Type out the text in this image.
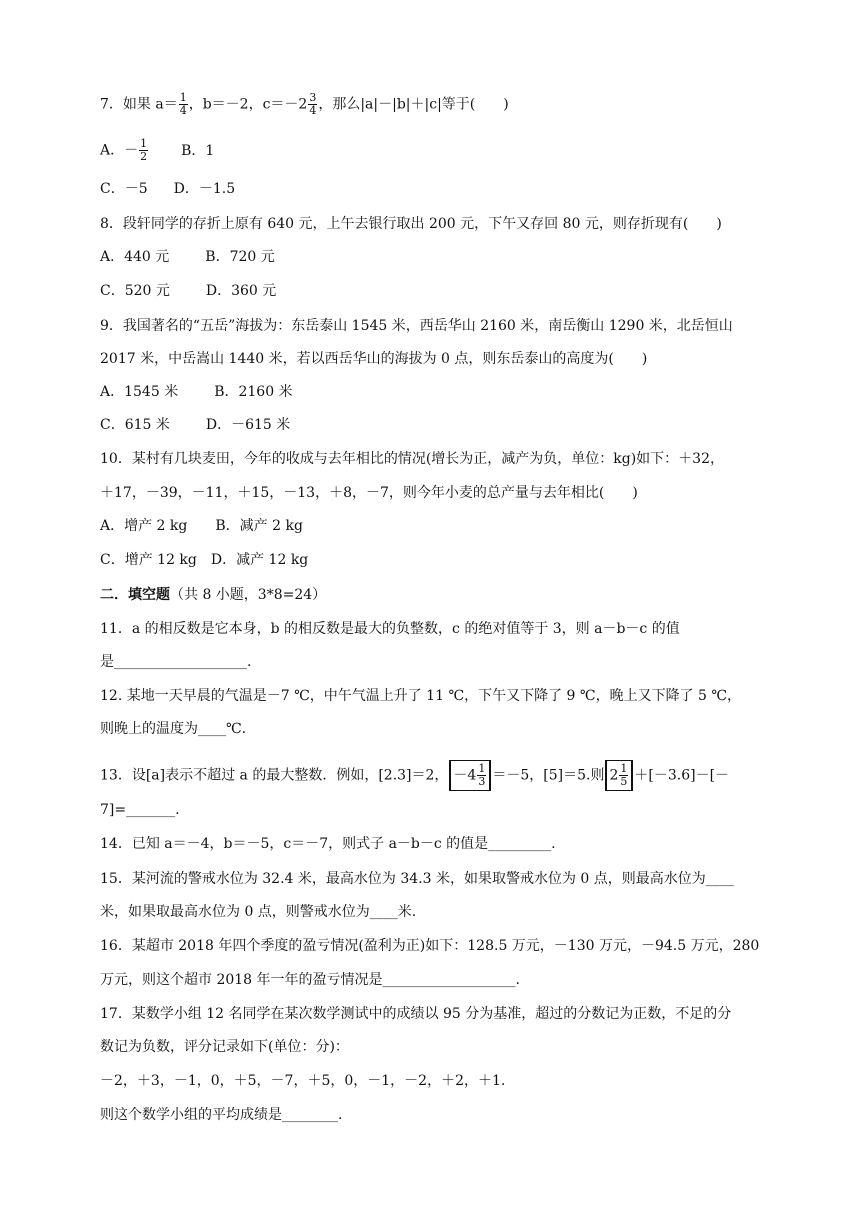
7．如果 $a= \frac{1}{4}$ ，b＝－2，$c=-2 \frac{3}{4}$ ，那么|a|－|b|＋|c|等于(　　)
A．－ $\frac{1}{2}$ B．1
C．－5 D．－1.5
8．段轩同学的存折上原有 640 元，上午去银行取出 200 元，下午又存回 80 元，则存折现有(　　)
A．440 元	B．720 元
C．520 元	D．360 元
9．我国著名的“五岳”海拔为：东岳泰山 1545 米，西岳华山 2160 米，南岳衡山 1290 米，北岳恒山
2017 米，中岳嵩山 1440 米，若以西岳华山的海拔为 0 点，则东岳泰山的高度为(　　)
A．1545 米	B．2160 米
C．615 米	D．－615 米
10．某村有几块麦田，今年的收成与去年相比的情况(增长为正，减产为负，单位：kg)如下：＋32，
＋17，－39，－11，＋15，－13，＋8，－7，则今年小麦的总产量与去年相比(　　)
A．增产 2 kg B．减产 2 kg
C．增产 12 kg D．减产 12 kg
二．填空题（共 8 小题，3*8=24）
11．a 的相反数是它本身，b 的相反数是最大的负整数，c 的绝对值等于 3，则 a－b－c 的值
是___________________.
12. 某地一天早晨的气温是－7 ℃，中午气温上升了 11 ℃，下午又下降了 9 ℃，晚上又下降了 5 ℃，
则晚上的温度为____℃.
13．设[a]表示不超过 a 的最大整数．例如，[2.3]＝2， $-4 \frac{1}{3} =-5$，[5]＝5.则 $2 \frac{1}{5} +[-3.6]-[-$
7]=_______.
14．已知 a＝－4，b＝－5，c＝－7，则式子 a－b－c 的值是_________.
15．某河流的警戒水位为 32.4 米，最高水位为 34.3 米，如果取警戒水位为 0 点，则最高水位为____
米，如果取最高水位为 0 点，则警戒水位为____米.
16．某超市 2018 年四个季度的盈亏情况(盈利为正)如下：128.5 万元，－130 万元，－94.5 万元，280
万元，则这个超市 2018 年一年的盈亏情况是___________________.
17．某数学小组 12 名同学在某次数学测试中的成绩以 95 分为基准，超过的分数记为正数，不足的分
数记为负数，评分记录如下(单位：分)：
－2，＋3，－1，0，＋5，－7，＋5，0，－1，－2，＋2，＋1.
则这个数学小组的平均成绩是________.
